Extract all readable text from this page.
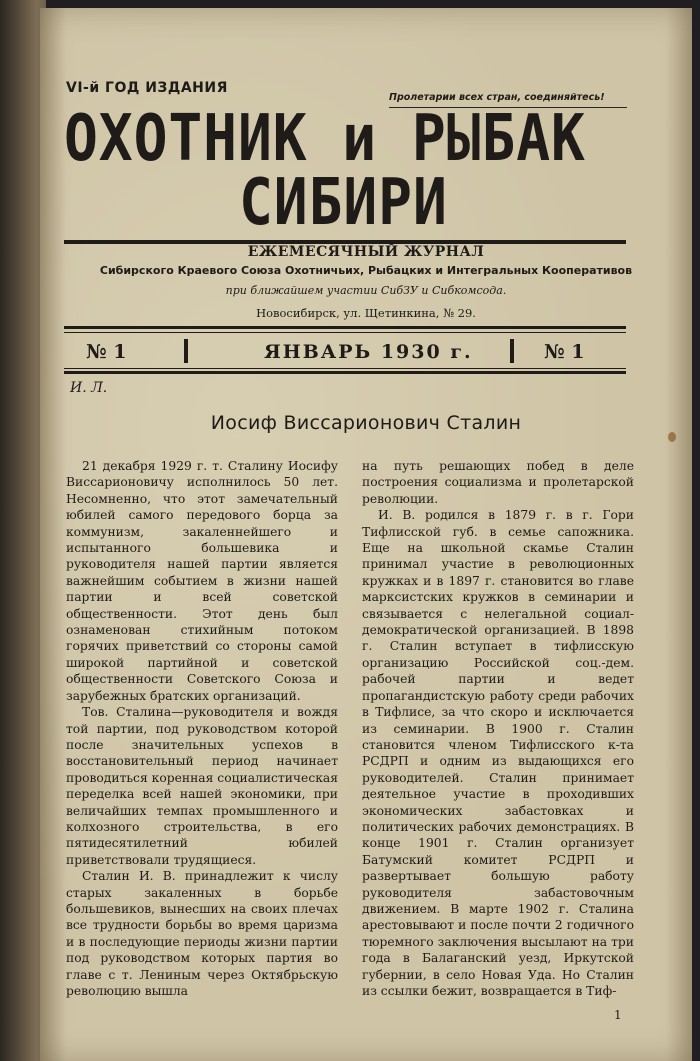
VI-й ГОД ИЗДАНИЯ

Пролетарии всех стран, соединяйтесь!

ОХОТНИК и РЫБАК
СИБИРИ

ЕЖЕМЕСЯЧНЫЙ ЖУРНАЛ

Сибирского Краевого Союза Охотничьих, Рыбацких и Интегральных Кооперативов

при ближайшем участии СибЗУ и Сибкомсода.

Новосибирск, ул. Щетинкина, № 29.

№ 1	ЯНВАРЬ 1930 г.	№ 1

И. Л.

Иосиф Виссарионович Сталин

21 декабря 1929 г. т. Сталину Иосифу Виссарионовичу исполнилось 50 лет. Несомненно, что этот замечательный юбилей самого передового борца за коммунизм, закаленнейшего и испытанного большевика и руководителя нашей партии является важнейшим событием в жизни нашей партии и всей советской общественности. Этот день был ознаменован стихийным потоком горячих приветствий со стороны самой широкой партийной и советской общественности Советского Союза и зарубежных братских организаций.

Тов. Сталина—руководителя и вождя той партии, под руководством которой после значительных успехов в восстановительный период начинает проводиться коренная социалистическая переделка всей нашей экономики, при величайших темпах промышленного и колхозного строительства, в его пятидесятилетний юбилей приветствовали трудящиеся.

Сталин И. В. принадлежит к числу старых закаленных в борьбе большевиков, вынесших на своих плечах все трудности борьбы во время царизма и в последующие периоды жизни партии под руководством которых партия во главе с т. Лениным через Октябрьскую революцию вышла

на путь решающих побед в деле построения социализма и пролетарской революции.

И. В. родился в 1879 г. в г. Гори Тифлисской губ. в семье сапожника. Еще на школьной скамье Сталин принимал участие в революционных кружках и в 1897 г. становится во главе марксистских кружков в семинарии и связывается с нелегальной социал-демократической организацией. В 1898 г. Сталин вступает в тифлисскую организацию Российской соц.-дем. рабочей партии и ведет пропагандистскую работу среди рабочих в Тифлисе, за что скоро и исключается из семинарии. В 1900 г. Сталин становится членом Тифлисского к-та РСДРП и одним из выдающихся его руководителей. Сталин принимает деятельное участие в проходивших экономических забастовках и политических рабочих демонстрациях. В конце 1901 г. Сталин организует Батумский комитет РСДРП и развертывает большую работу руководителя забастовочным движением. В марте 1902 г. Сталина арестовывают и после почти 2 годичного тюремного заключения высылают на три года в Балаганский уезд, Иркутской губернии, в село Новая Уда. Но Сталин из ссылки бежит, возвращается в Тиф-

1
